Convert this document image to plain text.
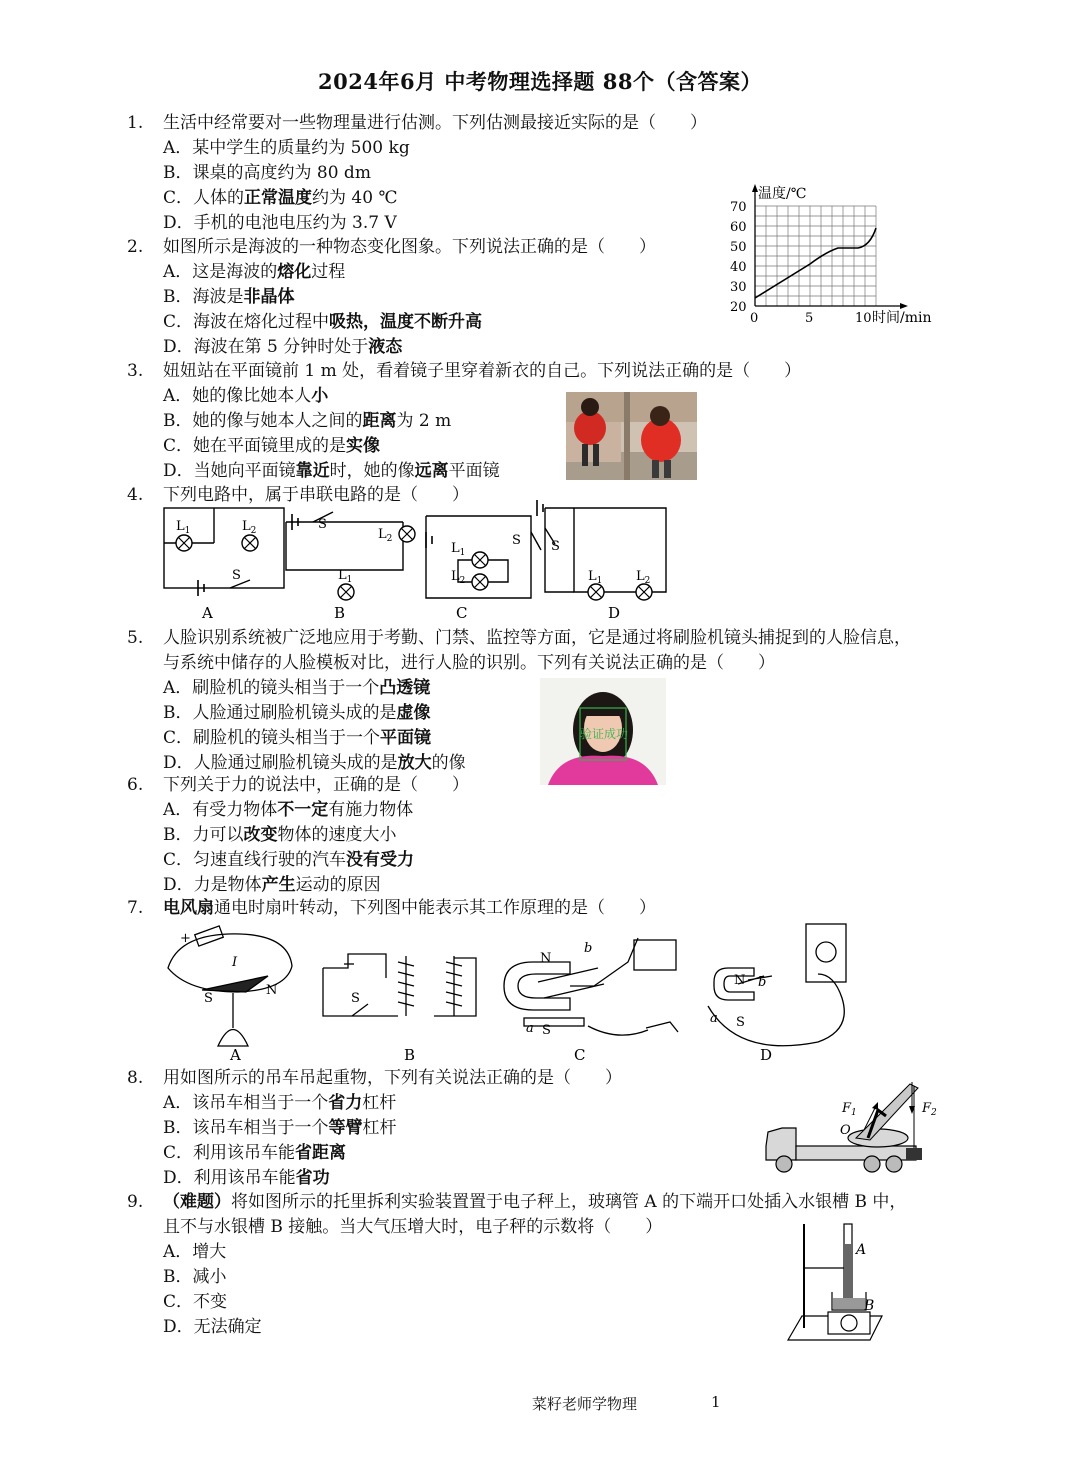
2024年6月 中考物理选择题 88个（含答案）
1. 生活中经常要对一些物理量进行估测。下列估测最接近实际的是（　　）
A．某中学生的质量约为 500 kg
B．课桌的高度约为 80 dm
C．人体的正常温度约为 40 ℃
D．手机的电池电压约为 3.7 V
2. 如图所示是海波的一种物态变化图象。下列说法正确的是（　　）
A．这是海波的熔化过程
B．海波是非晶体
C．海波在熔化过程中吸热，温度不断升高
D．海波在第 5 分钟时处于液态
温度/℃
70
60
50
40
30
20
0	5	10 时间/min
3. 妞妞站在平面镜前 1 m 处，看着镜子里穿着新衣的自己。下列说法正确的是（　　）
A．她的像比她本人小
B．她的像与她本人之间的距离为 2 m
C．她在平面镜里成的是实像
D．当她向平面镜靠近时，她的像远离平面镜
4. 下列电路中，属于串联电路的是（　　）
$L_1$	$L_2$
S
S
$L_1$
$L_2$
$L_1$
$L_2$
S S
$L_1$	$L_2$
A	B	C	D
5. 人脸识别系统被广泛地应用于考勤、门禁、监控等方面，它是通过将刷脸机镜头捕捉到的人脸信息，
与系统中储存的人脸模板对比，进行人脸的识别。下列有关说法正确的是（　　）
A．刷脸机的镜头相当于一个凸透镜
B．人脸通过刷脸机镜头成的是虚像
C．刷脸机的镜头相当于一个平面镜
D．人脸通过刷脸机镜头成的是放大的像
验证成功
6. 下列关于力的说法中，正确的是（　　）
A．有受力物体不一定有施力物体
B．力可以改变物体的速度大小
C．匀速直线行驶的汽车没有受力
D．力是物体产生运动的原因
7. 电风扇通电时扇叶转动，下列图中能表示其工作原理的是（　　）
+
I
S
N
S
N
S
b
a
N
S
b
a
A	B	C	D
8. 用如图所示的吊车吊起重物，下列有关说法正确的是（　　）
A．该吊车相当于一个省力杠杆
B．该吊车相当于一个等臂杠杆
C．利用该吊车能省距离
D．利用该吊车能省功
$F_1$	$F_2$
O
9. （难题）将如图所示的托里拆利实验装置置于电子秤上，玻璃管 A 的下端开口处插入水银槽 B 中，
且不与水银槽 B 接触。当大气压增大时，电子秤的示数将（　　）
A．增大
B．减小
C．不变
D．无法确定
A
B
菜籽老师学物理	1
